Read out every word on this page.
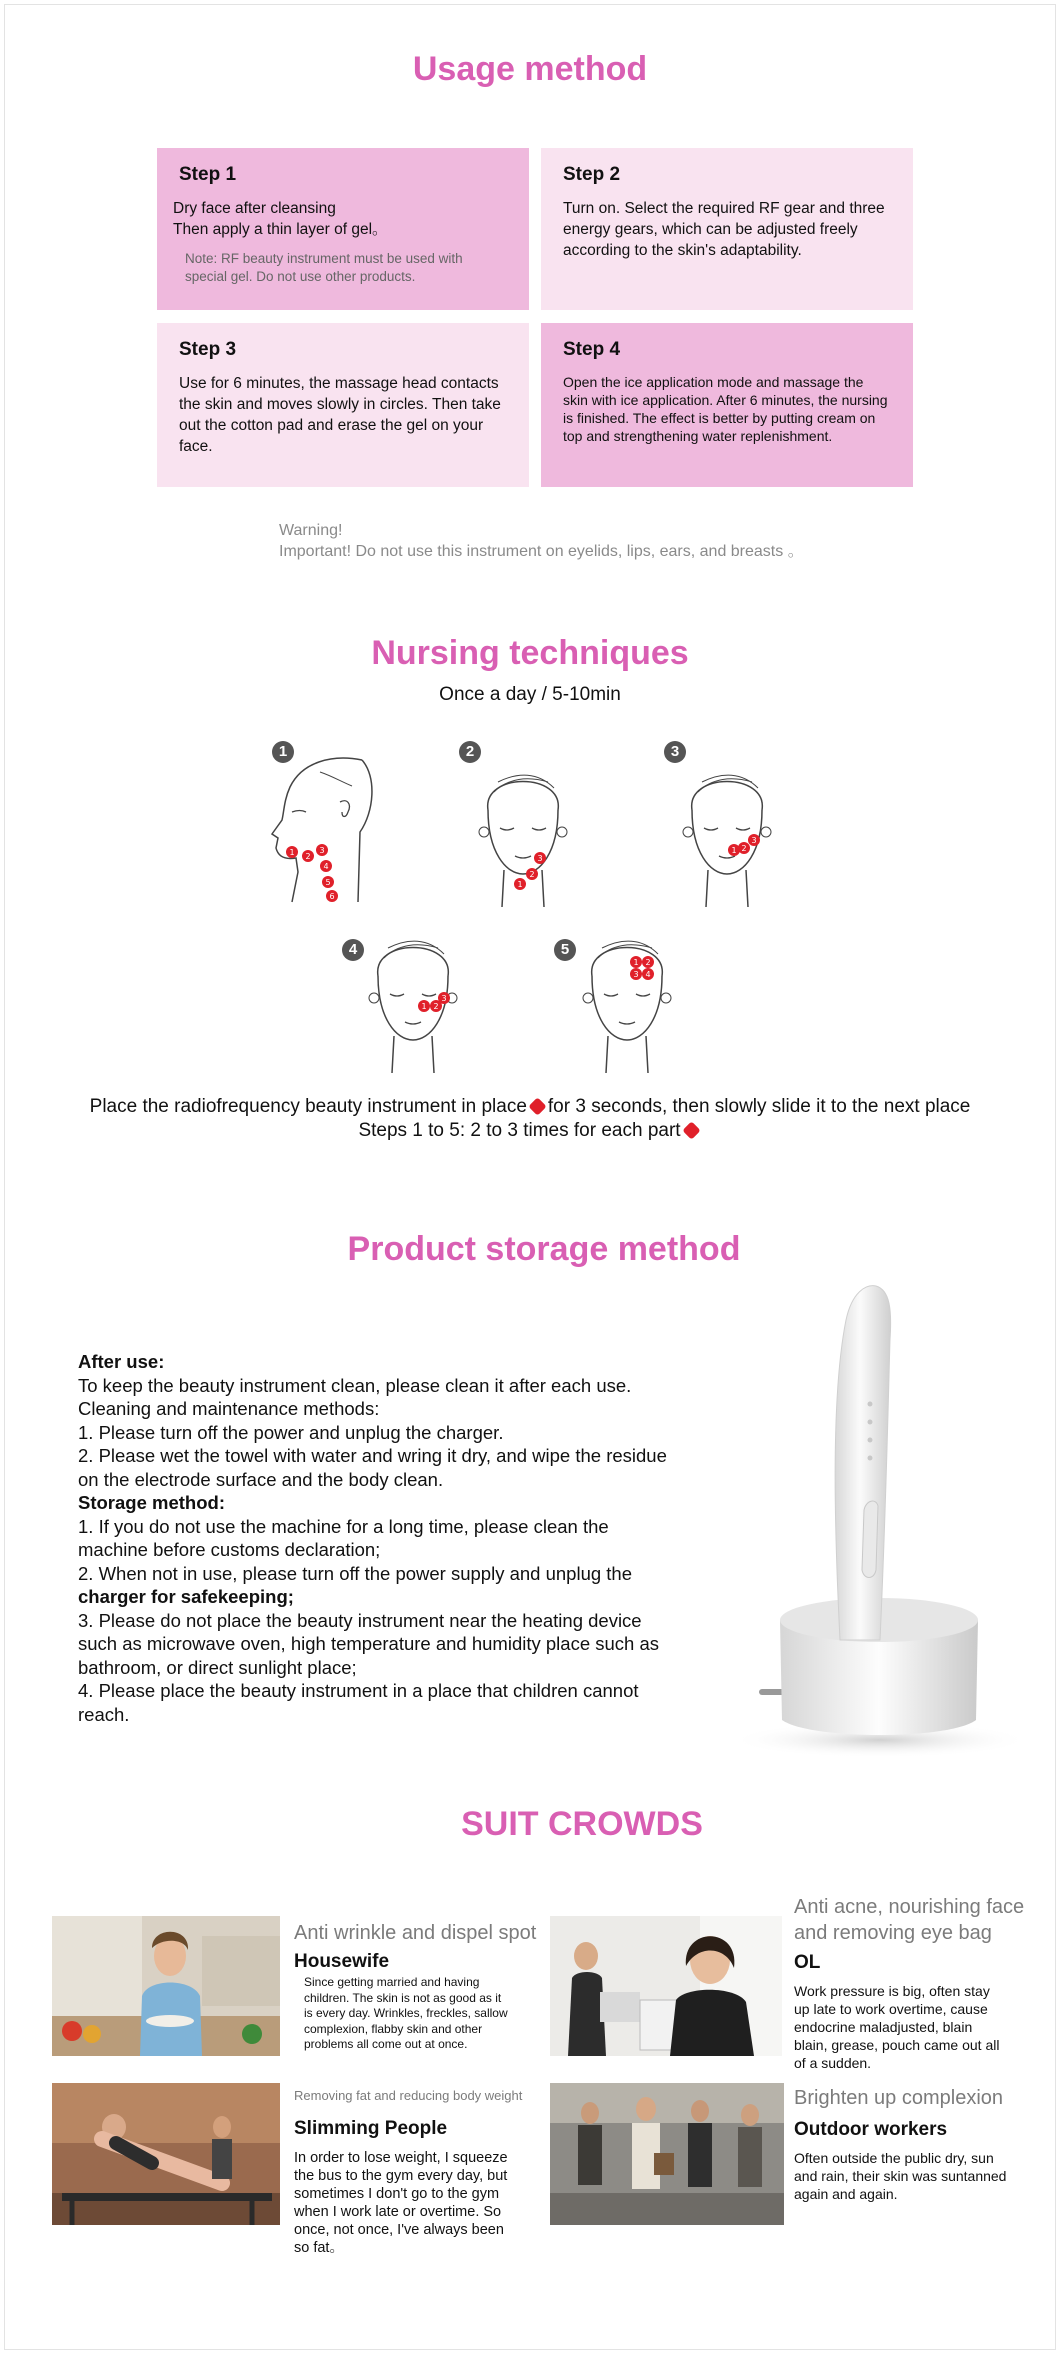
Usage method
Step 1
Dry face after cleansing
Then apply a thin layer of gel。
Note: RF beauty instrument must be used with special gel. Do not use other products.
Step 2
Turn on. Select the required RF gear and three energy gears, which can be adjusted freely according to the skin's adaptability.
Step 3
Use for 6 minutes, the massage head contacts the skin and moves slowly in circles. Then take out the cotton pad and erase the gel on your face.
Step 4
Open the ice application mode and massage the skin with ice application. After 6 minutes, the nursing is finished. The effect is better by putting cream on top and strengthening water replenishment.
Warning!
Important! Do not use this instrument on eyelids, lips, ears, and breasts 。
Nursing techniques
Once a day / 5-10min
1
1 2
3
4
5
6
2
1
2
3
3
1 2
3
4
1 2
3
5
1 2
3 4
Place the radiofrequency beauty instrument in place for 3 seconds, then slowly slide it to the next place
Steps 1 to 5: 2 to 3 times for each part
Product storage method
After use:
To keep the beauty instrument clean, please clean it after each use.
Cleaning and maintenance methods:
1. Please turn off the power and unplug the charger.
2. Please wet the towel with water and wring it dry, and wipe the residue on the electrode surface and the body clean.
Storage method:
1. If you do not use the machine for a long time, please clean the machine before customs declaration;
2. When not in use, please turn off the power supply and unplug the
charger for safekeeping;
3. Please do not place the beauty instrument near the heating device such as microwave oven, high temperature and humidity place such as bathroom, or direct sunlight place;
4. Please place the beauty instrument in a place that children cannot reach.
SUIT CROWDS
Anti wrinkle and dispel spot
Housewife
Since getting married and having children. The skin is not as good as it is every day. Wrinkles, freckles, sallow complexion, flabby skin and other problems all come out at once.
Anti acne, nourishing face and removing eye bag
OL
Work pressure is big, often stay up late to work overtime, cause endocrine maladjusted, blain blain, grease, pouch came out all of a sudden.
Removing fat and reducing body weight
Slimming People
In order to lose weight, I squeeze the bus to the gym every day, but sometimes I don't go to the gym when I work late or overtime. So once, not once, I've always been so fat。
Brighten up complexion
Outdoor workers
Often outside the public dry, sun and rain, their skin was suntanned again and again.
